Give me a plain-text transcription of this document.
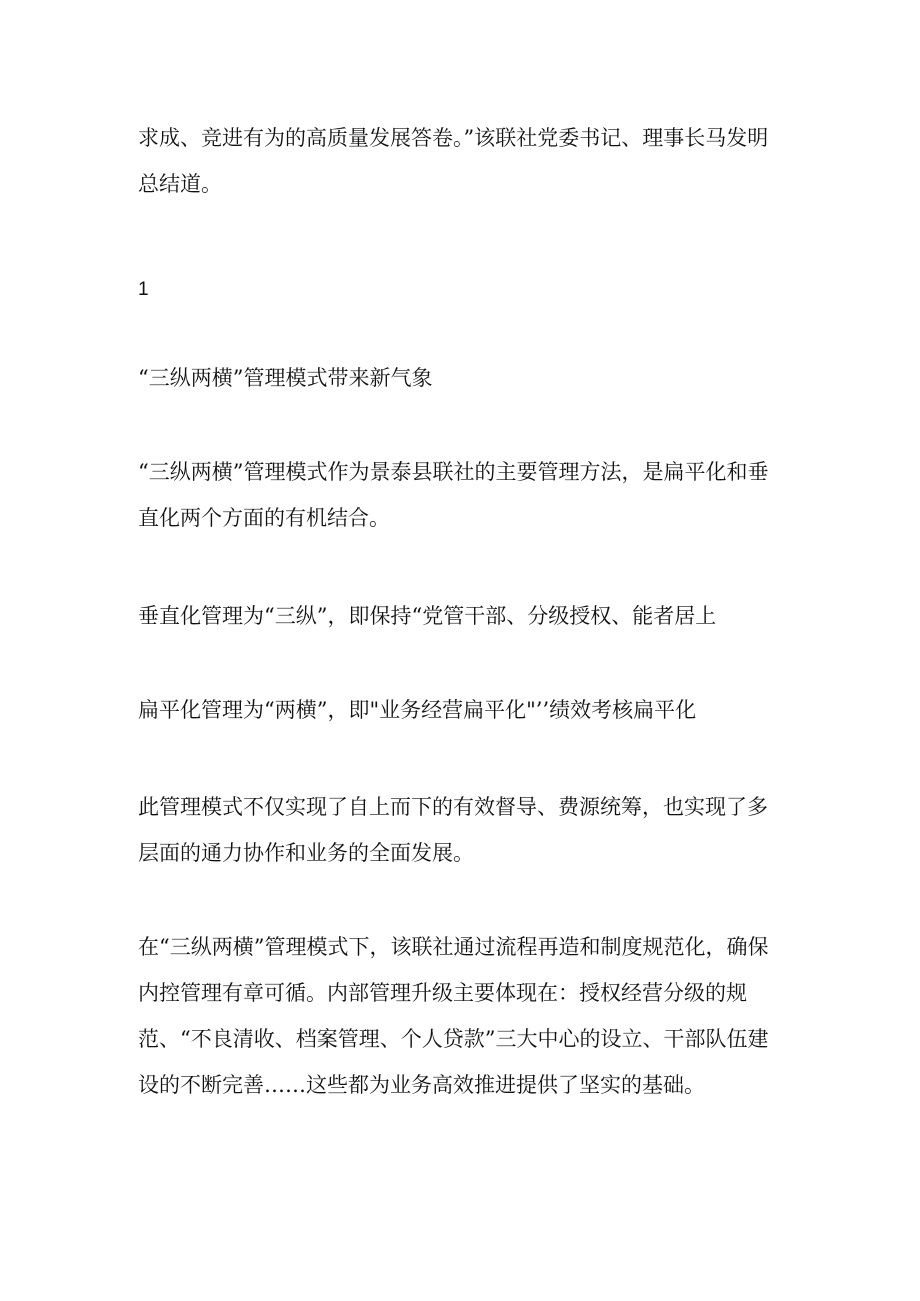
求成、竞进有为的高质量发展答卷。”该联社党委书记、理事长马发明总结道。

1

“三纵两横”管理模式带来新气象

“三纵两横”管理模式作为景泰县联社的主要管理方法，是扁平化和垂直化两个方面的有机结合。

垂直化管理为“三纵”，即保持“党管干部、分级授权、能者居上

扁平化管理为“两横”，即"业务经营扁平化"’’绩效考核扁平化

此管理模式不仅实现了自上而下的有效督导、费源统筹，也实现了多层面的通力协作和业务的全面发展。

在“三纵两横”管理模式下，该联社通过流程再造和制度规范化，确保内控管理有章可循。内部管理升级主要体现在：授权经营分级的规范、“不良清收、档案管理、个人贷款”三大中心的设立、干部队伍建设的不断完善……这些都为业务高效推进提供了坚实的基础。
